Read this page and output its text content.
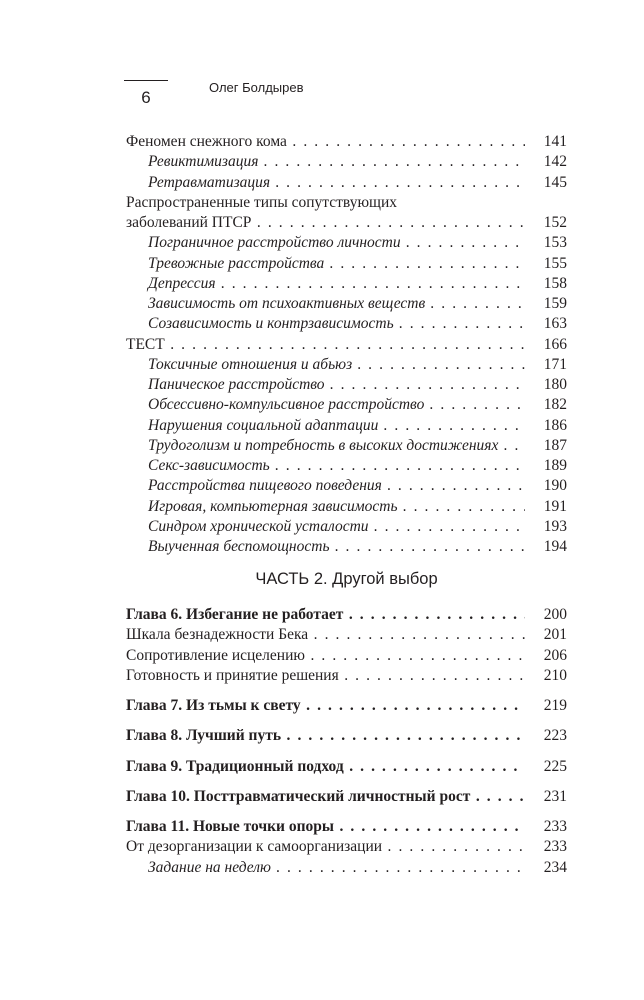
6
Олег Болдырев
Феномен снежного кома . . .	141
Ревиктимизация . . .	142
Ретравматизация . . .	145
Распространенные типы сопутствующих
заболеваний ПТСР . . .	152
Пограничное расстройство личности . . .	153
Тревожные расстройства . . .	155
Депрессия . . .	158
Зависимость от психоактивных веществ . . .	159
Созависимость и контрзависимость . . .	163
ТЕСТ . . .	166
Токсичные отношения и абьюз . . .	171
Паническое расстройство . . .	180
Обсессивно-компульсивное расстройство . . .	182
Нарушения социальной адаптации . . .	186
Трудоголизм и потребность в высоких достижениях . . .	187
Секс-зависимость . . .	189
Расстройства пищевого поведения . . .	190
Игровая, компьютерная зависимость . . .	191
Синдром хронической усталости . . .	193
Выученная беспомощность . . .	194
ЧАСТЬ 2. Другой выбор
Глава 6. Избегание не работает . . .	200
Шкала безнадежности Бека . . .	201
Сопротивление исцелению . . .	206
Готовность и принятие решения . . .	210
Глава 7. Из тьмы к свету . . .	219
Глава 8. Лучший путь . . .	223
Глава 9. Традиционный подход . . .	225
Глава 10. Посттравматический личностный рост . . .	231
Глава 11. Новые точки опоры . . .	233
От дезорганизации к самоорганизации . . .	233
Задание на неделю . . .	234
